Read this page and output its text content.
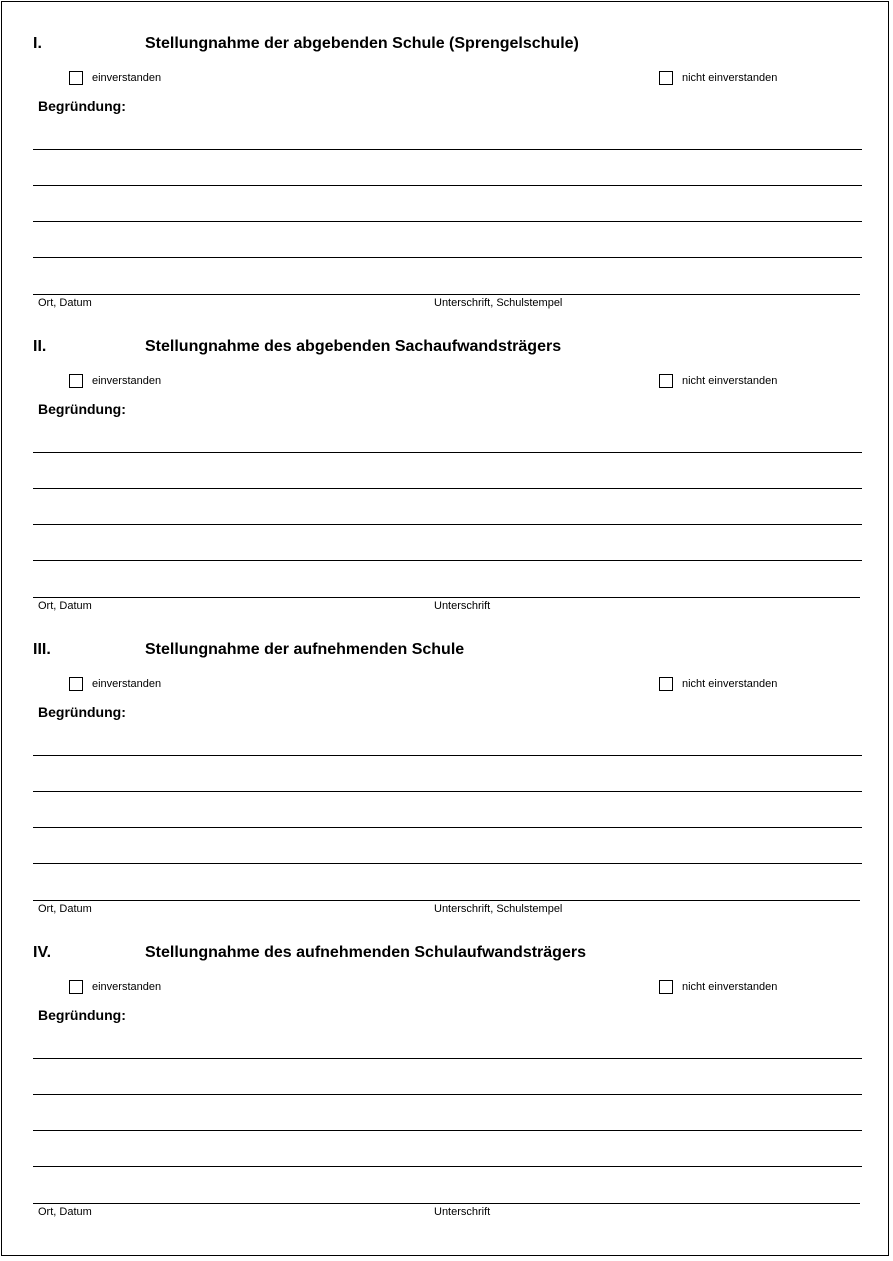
I.	Stellungnahme der abgebenden Schule (Sprengelschule)
einverstanden	nicht einverstanden
Begründung:
Ort, Datum	Unterschrift, Schulstempel
II.	Stellungnahme des abgebenden Sachaufwandsträgers
einverstanden	nicht einverstanden
Begründung:
Ort, Datum	Unterschrift
III.	Stellungnahme der aufnehmenden Schule
einverstanden	nicht einverstanden
Begründung:
Ort, Datum	Unterschrift, Schulstempel
IV.	Stellungnahme des aufnehmenden Schulaufwandsträgers
einverstanden	nicht einverstanden
Begründung:
Ort, Datum	Unterschrift
